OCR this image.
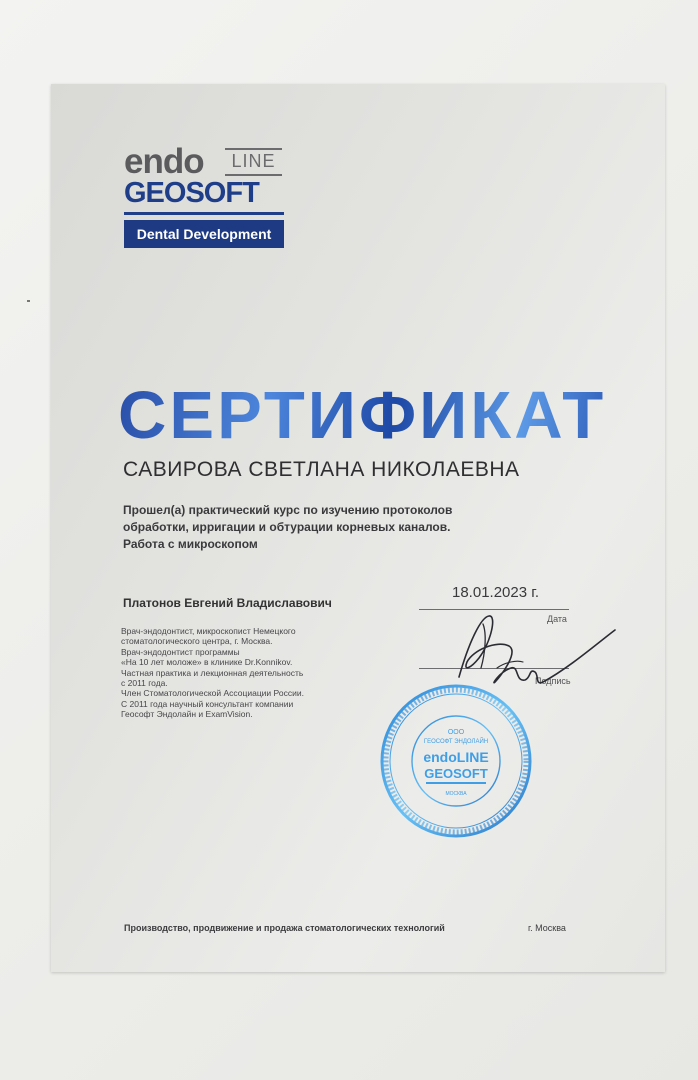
endo	LINE
GEOSOFT
Dental Development
СЕРТИФИКАТ
САВИРОВА СВЕТЛАНА НИКОЛАЕВНА
Прошел(а) практический курс по изучению протоколов
обработки, ирригации и обтурации корневых каналов.
Работа с микроскопом
18.01.2023 г.
Дата
Платонов Евгений Владиславович
Врач-эндодонтист, микроскопист Немецкого
стоматологического центра, г. Москва.
Врач-эндодонтист программы
«На 10 лет моложе» в клинике Dr.Konnikov.
Частная практика и лекционная деятельность
с 2011 года.
Член Стоматологической Ассоциации России.
С 2011 года научный консультант компании
Геософт Эндолайн и ExamVision.
Подпись
ООО
ГЕОСОФТ ЭНДОЛАЙН
endoLINE
GEOSOFT
МОСКВА
Производство, продвижение и продажа стоматологических технологий	г. Москва
